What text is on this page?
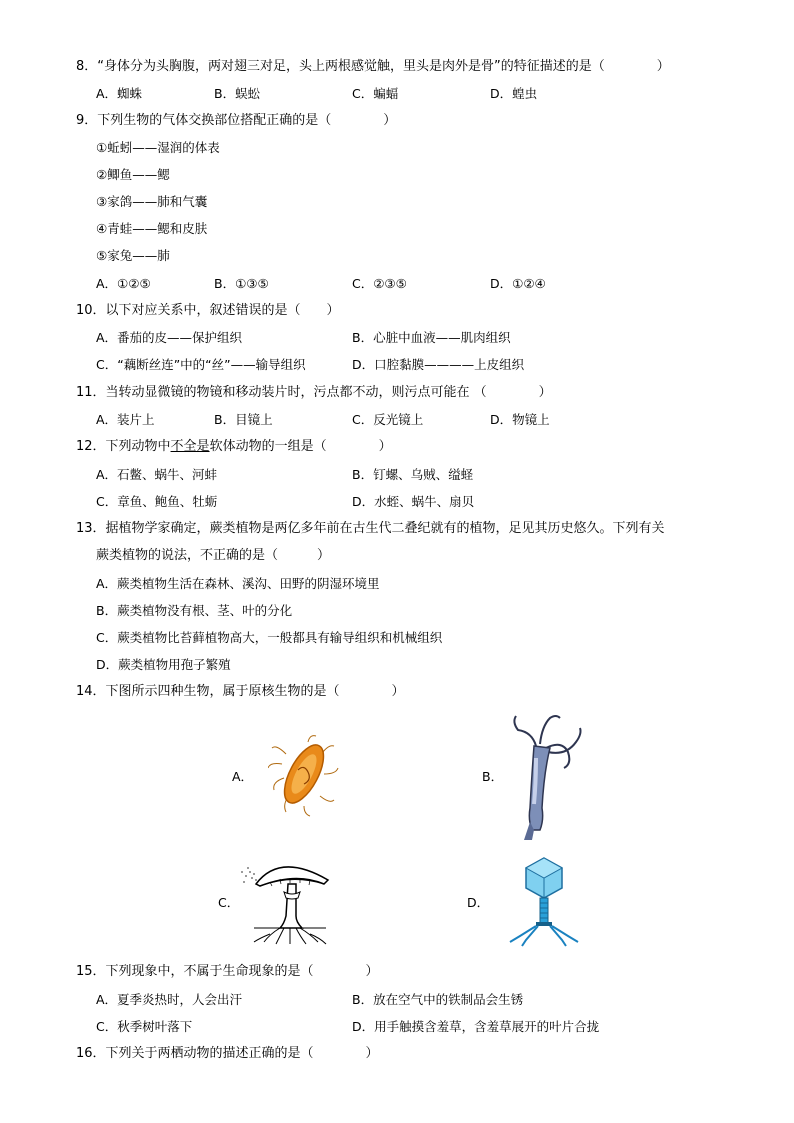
8．“身体分为头胸腹，两对翅三对足，头上两根感觉触，里头是肉外是骨”的特征描述的是（　　　　）
A．蜘蛛	B．蜈蚣	C．蝙蝠	D．蝗虫
9．下列生物的气体交换部位搭配正确的是（　　　　）
①蚯蚓——湿润的体表
②鲫鱼——鳃
③家鸽——肺和气囊
④青蛙——鳃和皮肤
⑤家兔——肺
A．①②⑤	B．①③⑤	C．②③⑤	D．①②④
10．以下对应关系中，叙述错误的是（　　）
A．番茄的皮——保护组织	B．心脏中血液——肌肉组织
C．“藕断丝连”中的“丝”——输导组织	D．口腔黏膜————上皮组织
11．当转动显微镜的物镜和移动装片时，污点都不动，则污点可能在 （　　　　）
A．装片上	B．目镜上	C．反光镜上	D．物镜上
12．下列动物中不全是软体动物的一组是（　　　　）
A．石鳖、蜗牛、河蚌	B．钉螺、乌贼、缢蛏
C．章鱼、鲍鱼、牡蛎	D．水蛭、蜗牛、扇贝
13．据植物学家确定，蕨类植物是两亿多年前在古生代二叠纪就有的植物，足见其历史悠久。下列有关
蕨类植物的说法，不正确的是（　　　）
A．蕨类植物生活在森林、溪沟、田野的阴湿环境里
B．蕨类植物没有根、茎、叶的分化
C．蕨类植物比苔藓植物高大，一般都具有输导组织和机械组织
D．蕨类植物用孢子繁殖
14．下图所示四种生物，属于原核生物的是（　　　　）
A．	B．
C．	D．
15．下列现象中，不属于生命现象的是（　　　　）
A．夏季炎热时，人会出汗	B．放在空气中的铁制品会生锈
C．秋季树叶落下	D．用手触摸含羞草，含羞草展开的叶片合拢
16．下列关于两栖动物的描述正确的是（　　　　）
